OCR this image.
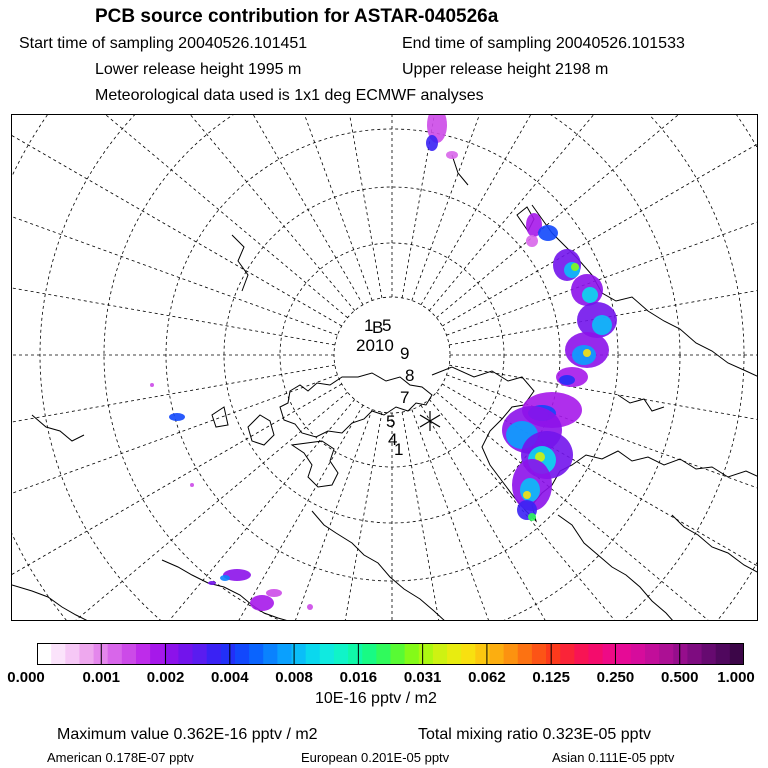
PCB source contribution for ASTAR-040526a
Start time of sampling 20040526.101451	End time of sampling 20040526.101533
Lower release height 1995 m	Upper release height 2198 m
Meteorological data used is 1x1 deg ECMWF analyses
1
B
5
2010 9
8
7
5
4
1
0.000	0.001 0.002 0.004 0.008 0.016 0.031 0.062 0.125 0.250 0.500 1.000
10E-16 pptv / m2
Maximum value 0.362E-16 pptv / m2	Total mixing ratio 0.323E-05 pptv
American 0.178E-07 pptv	European 0.201E-05 pptv	Asian 0.111E-05 pptv
